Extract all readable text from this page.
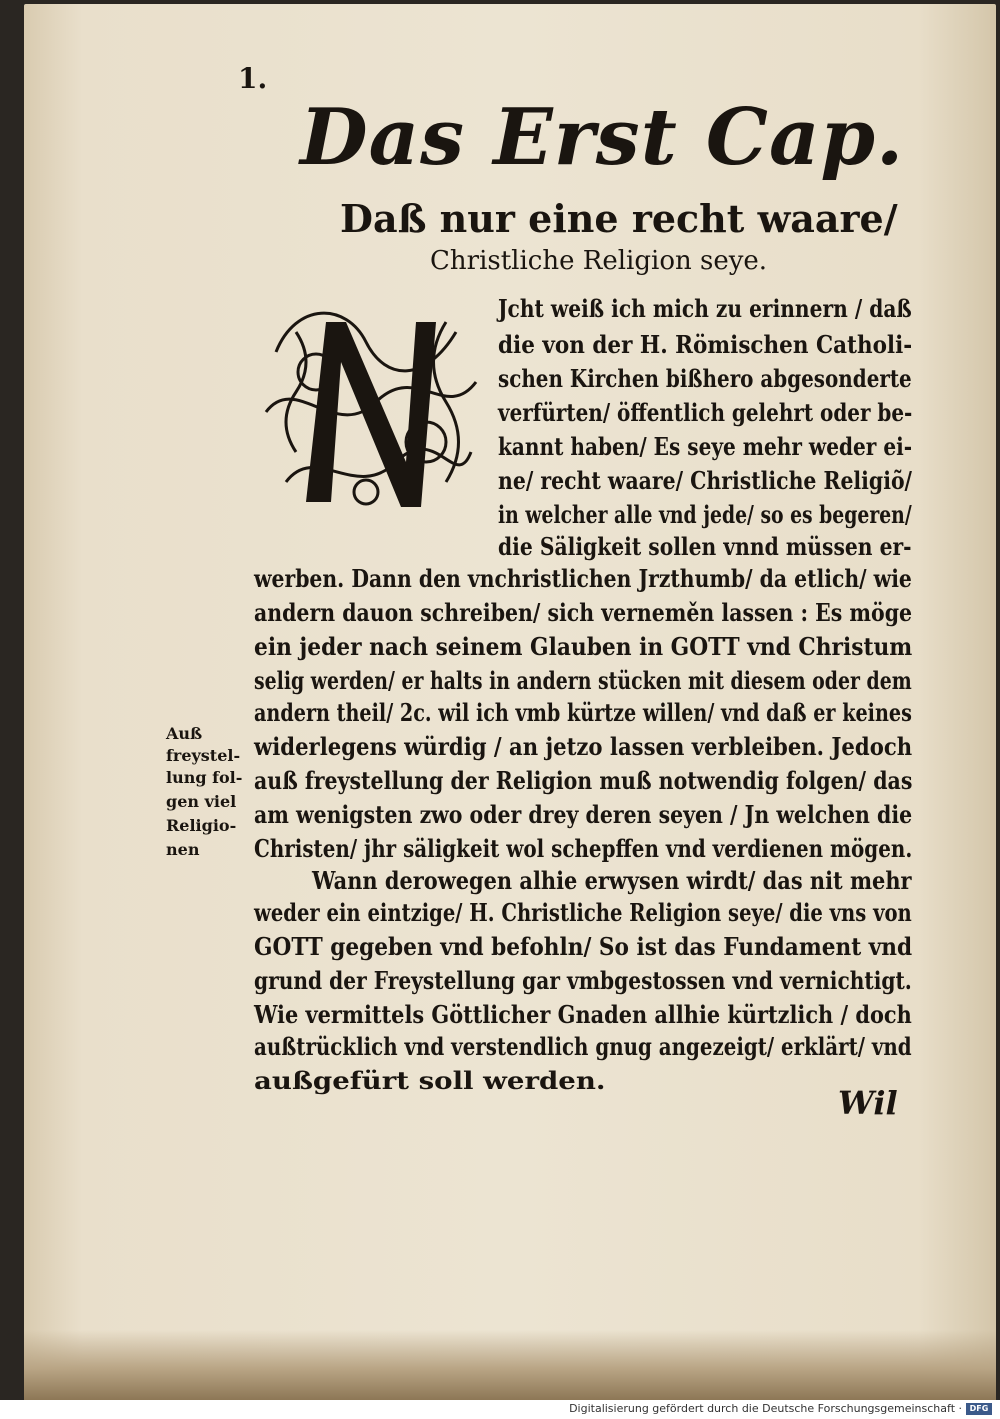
1.
Das Erst Cap.
Daß nur eine recht waare/
Christliche Religion seye.
N
Jcht weiß ich mich zu erinnern / daß
die von der H. Römischen Catholi-
schen Kirchen bißhero abgesonderte
verfürten/ öffentlich gelehrt oder be-
kannt haben/ Es seye mehr weder ei-
ne/ recht waare/ Christliche Religiõ/
in welcher alle vnd jede/ so es begeren/
die Säligkeit sollen vnnd müssen er-
werben. Dann den vnchristlichen Jrzthumb/ da etlich/ wie
andern dauon schreiben/ sich verneměn lassen : Es möge
ein jeder nach seinem Glauben in GOTT vnd Christum
selig werden/ er halts in andern stücken mit diesem oder dem
andern theil/ 2c. wil ich vmb kürtze willen/ vnd daß er keines
widerlegens würdig / an jetzo lassen verbleiben. Jedoch
auß freystellung der Religion muß notwendig folgen/ das
am wenigsten zwo oder drey deren seyen / Jn welchen die
Christen/ jhr säligkeit wol schepffen vnd verdienen mögen.
Wann derowegen alhie erwysen wirdt/ das nit mehr
weder ein eintzige/ H. Christliche Religion seye/ die vns von
GOTT gegeben vnd befohln/ So ist das Fundament vnd
grund der Freystellung gar vmbgestossen vnd vernichtigt.
Wie vermittels Göttlicher Gnaden allhie kürtzlich / doch
außtrücklich vnd verstendlich gnug angezeigt/ erklärt/ vnd
außgefürt soll werden.
Auß
freystel-
lung fol-
gen viel
Religio-
nen
Wil
Digitalisierung gefördert durch die Deutsche Forschungsgemeinschaft · DFG
